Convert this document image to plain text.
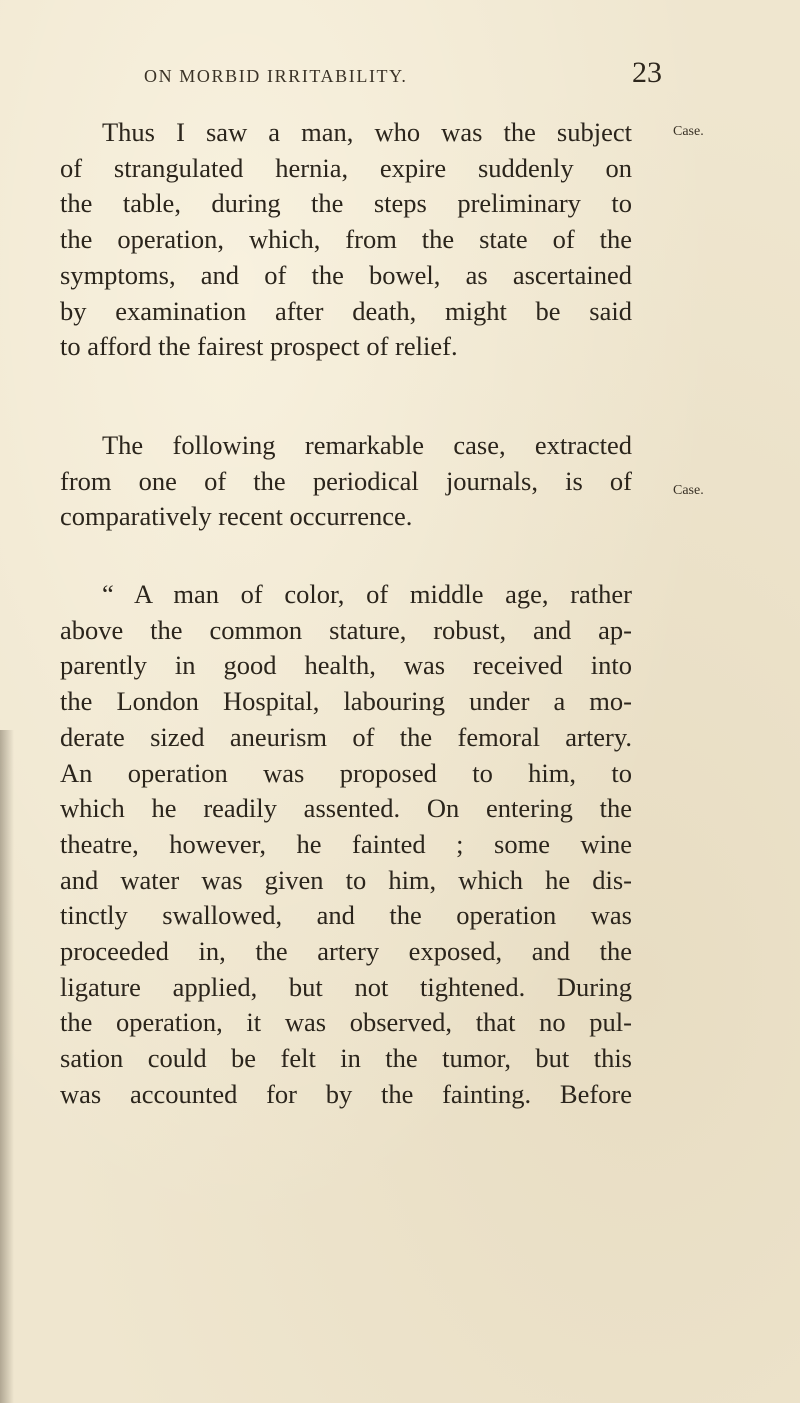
ON MORBID IRRITABILITY.	23
Case.
Case.
Thus I saw a man, who was the subject
of strangulated hernia, expire suddenly on
the table, during the steps preliminary to
the operation, which, from the state of the
symptoms, and of the bowel, as ascertained
by examination after death, might be said
to afford the fairest prospect of relief.
The following remarkable case, extracted
from one of the periodical journals, is of
comparatively recent occurrence.
“ A man of color, of middle age, rather
above the common stature, robust, and ap-
parently in good health, was received into
the London Hospital, labouring under a mo-
derate sized aneurism of the femoral artery.
An operation was proposed to him, to
which he readily assented. On entering the
theatre, however, he fainted ; some wine
and water was given to him, which he dis-
tinctly swallowed, and the operation was
proceeded in, the artery exposed, and the
ligature applied, but not tightened. During
the operation, it was observed, that no pul-
sation could be felt in the tumor, but this
was accounted for by the fainting. Before
